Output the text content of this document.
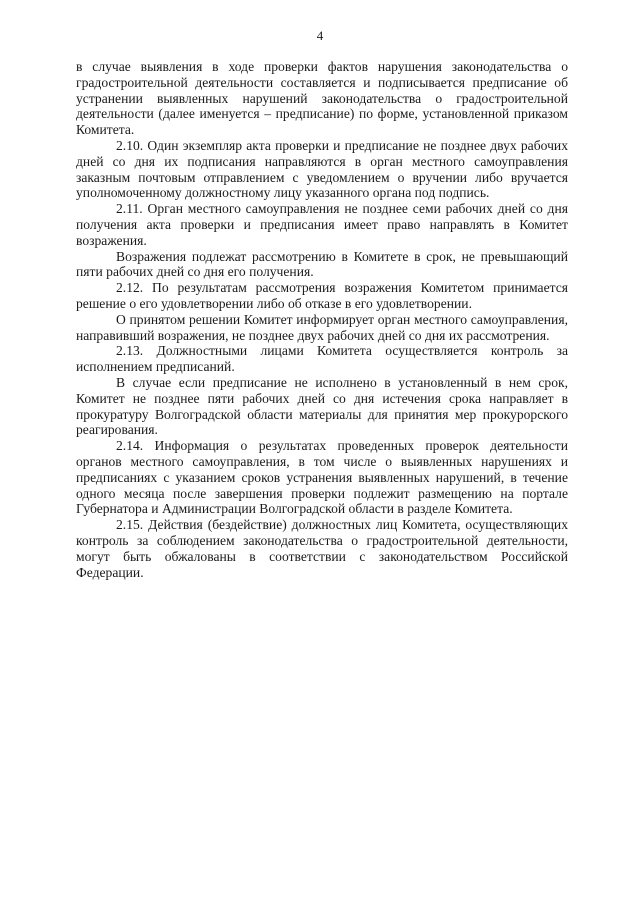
4

в случае выявления в ходе проверки фактов нарушения законодательства о градостроительной деятельности составляется и подписывается предписание об устранении выявленных нарушений законодательства о градостроительной деятельности (далее именуется – предписание) по форме, установленной приказом Комитета.

2.10. Один экземпляр акта проверки и предписание не позднее двух рабочих дней со дня их подписания направляются в орган местного самоуправления заказным почтовым отправлением с уведомлением о вручении либо вручается уполномоченному должностному лицу указанного органа под подпись.

2.11. Орган местного самоуправления не позднее семи рабочих дней со дня получения акта проверки и предписания имеет право направлять в Комитет возражения.

Возражения подлежат рассмотрению в Комитете в срок, не превышающий пяти рабочих дней со дня его получения.

2.12. По результатам рассмотрения возражения Комитетом принимается решение о его удовлетворении либо об отказе в его удовлетворении.

О принятом решении Комитет информирует орган местного самоуправления, направивший возражения, не позднее двух рабочих дней со дня их рассмотрения.

2.13. Должностными лицами Комитета осуществляется контроль за исполнением предписаний.

В случае если предписание не исполнено в установленный в нем срок, Комитет не позднее пяти рабочих дней со дня истечения срока направляет в прокуратуру Волгоградской области материалы для принятия мер прокурорского реагирования.

2.14. Информация о результатах проведенных проверок деятельности органов местного самоуправления, в том числе о выявленных нарушениях и предписаниях с указанием сроков устранения выявленных нарушений, в течение одного месяца после завершения проверки подлежит размещению на портале Губернатора и Администрации Волгоградской области в разделе Комитета.

2.15. Действия (бездействие) должностных лиц Комитета, осуществляющих контроль за соблюдением законодательства о градостроительной деятельности, могут быть обжалованы в соответствии с законодательством Российской Федерации.
